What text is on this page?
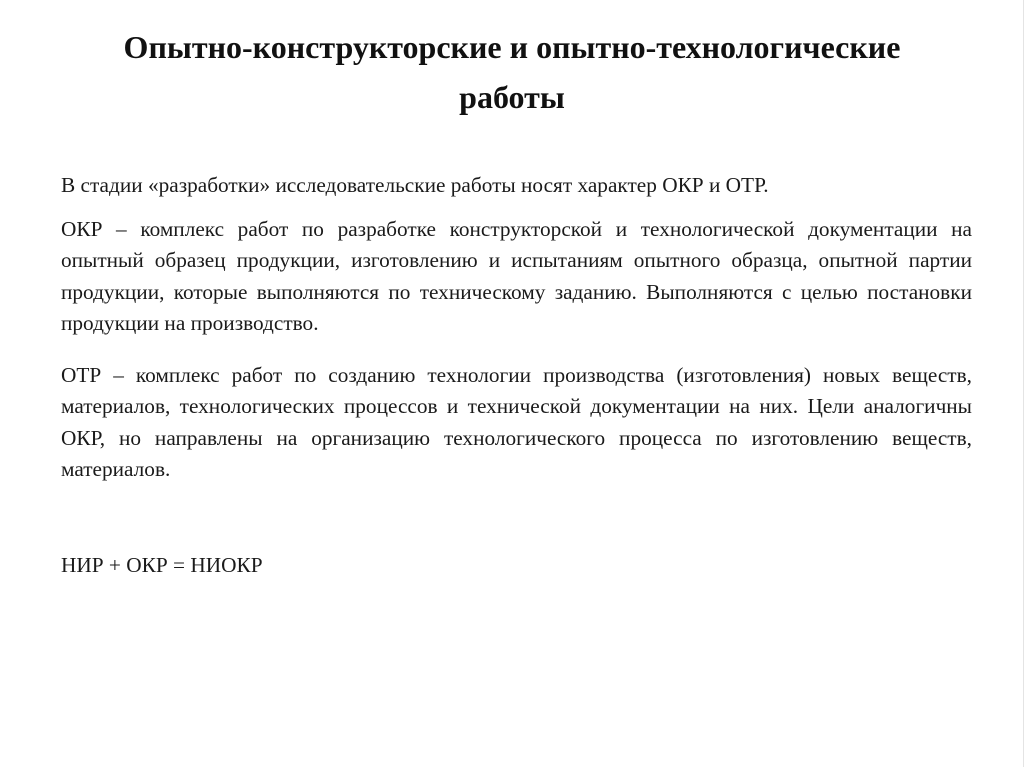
Опытно-конструкторские и опытно-технологические работы

В стадии «разработки» исследовательские работы носят характер ОКР и ОТР.

ОКР – комплекс работ по разработке конструкторской и технологической документации на опытный образец продукции, изготовлению и испытаниям опытного образца, опытной партии продукции, которые выполняются по техническому заданию. Выполняются с целью постановки продукции на производство.

ОТР – комплекс работ по созданию технологии производства (изготовления) новых веществ, материалов, технологических процессов и технической документации на них. Цели аналогичны ОКР, но направлены на организацию технологического процесса по изготовлению веществ, материалов.

НИР + ОКР = НИОКР
